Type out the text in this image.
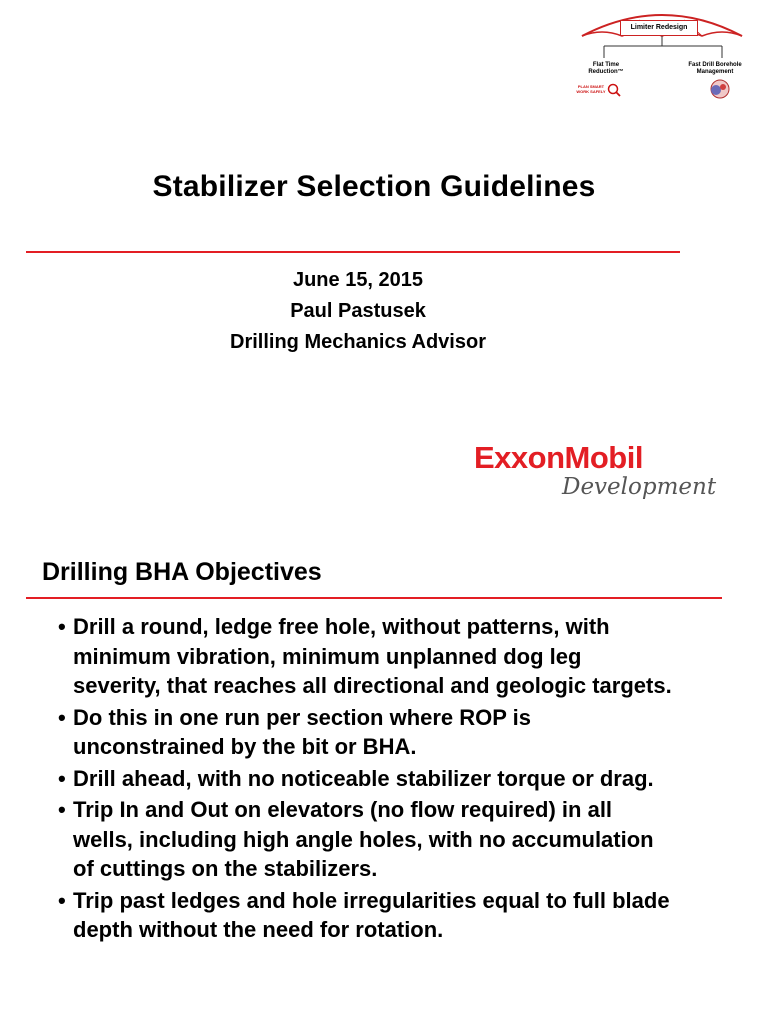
Limiter Redesign
Flat Time Reduction™
Fast Drill Borehole Management
PLAN SMART WORK SAFELY
Stabilizer Selection Guidelines
June 15, 2015
Paul Pastusek
Drilling Mechanics Advisor
ExxonMobil
Development
Drilling BHA Objectives
• Drill a round, ledge free hole, without patterns, with
minimum vibration, minimum unplanned dog leg
severity, that reaches all directional and geologic targets.
• Do this in one run per section where ROP is
unconstrained by the bit or BHA.
• Drill ahead, with no noticeable stabilizer torque or drag.
• Trip In and Out on elevators (no flow required) in all
wells, including high angle holes, with no accumulation
of cuttings on the stabilizers.
• Trip past ledges and hole irregularities equal to full blade
depth without the need for rotation.
